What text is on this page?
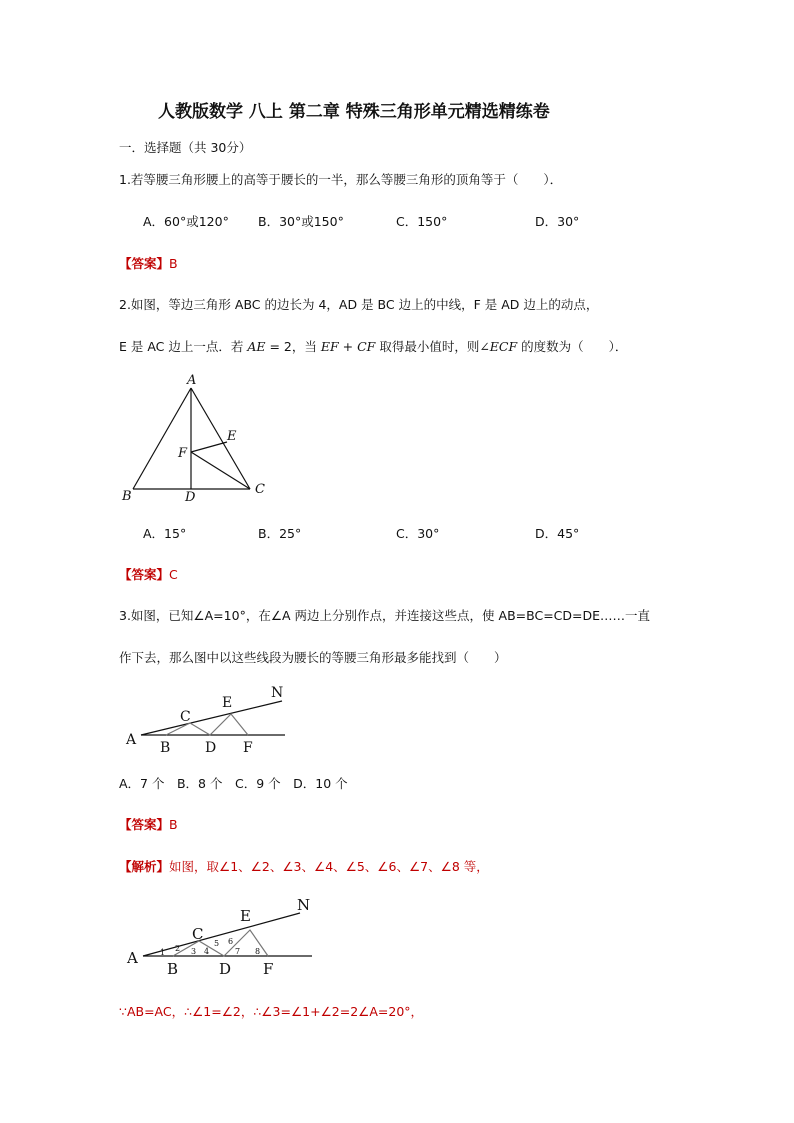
人教版数学 八上 第二章 特殊三角形单元精选精练卷
一．选择题（共 30分）
1.若等腰三角形腰上的高等于腰长的一半，那么等腰三角形的顶角等于（　　）．
A．60°或120° B．30°或150°	C．150°	D．30°
【答案】B
2.如图，等边三角形 ABC 的边长为 4，AD 是 BC 边上的中线，F 是 AD 边上的动点，
E 是 AC 边上一点．若 AE = 2，当 EF + CF 取得最小值时，则∠ECF 的度数为（　　）．
A
B	C
D
E
F
A．15°	B．25°	C．30°	D．45°
【答案】C
3.如图，已知∠A=10°，在∠A 两边上分别作点，并连接这些点，使 AB=BC=CD=DE……一直
作下去，那么图中以这些线段为腰长的等腰三角形最多能找到（　　）
A B
C
D
E
F
N
A．7 个　B．8 个　C．9 个　D．10 个
【答案】B
【解析】如图，取∠1、∠2、∠3、∠4、∠5、∠6、∠7、∠8 等，
A
B
C
D
E
F
N
1 2 3 4
5 6
7 8
∵AB=AC，∴∠1=∠2，∴∠3=∠1+∠2=2∠A=20°，
